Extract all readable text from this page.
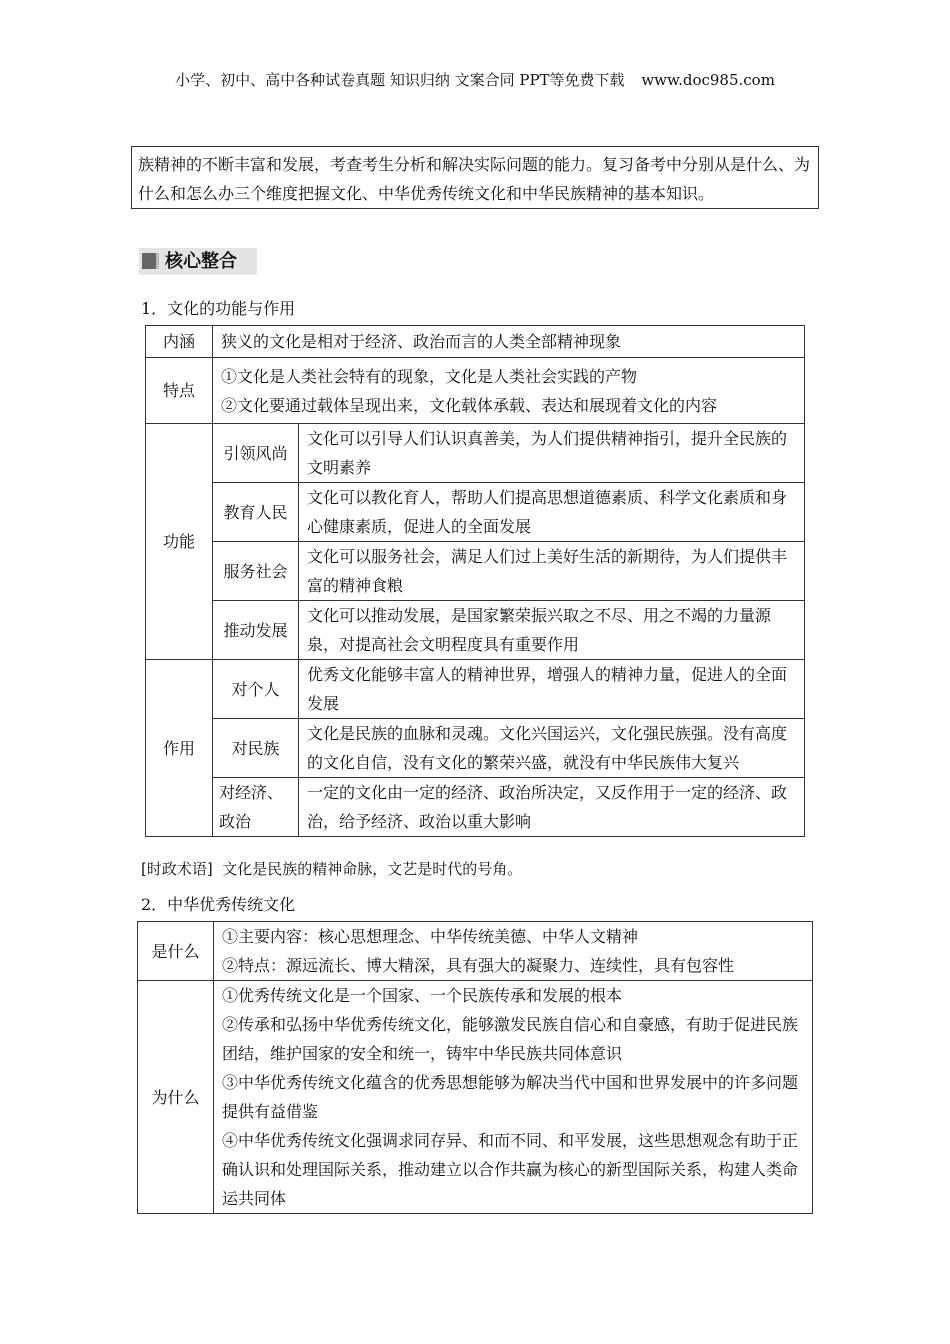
小学、初中、高中各种试卷真题 知识归纳 文案合同 PPT等免费下载 www.doc985.com
族精神的不断丰富和发展，考查考生分析和解决实际问题的能力。复习备考中分别从是什么、为什么和怎么办三个维度把握文化、中华优秀传统文化和中华民族精神的基本知识。
核心整合
1．文化的功能与作用
内涵	狭义的文化是相对于经济、政治而言的人类全部精神现象	
特点	①文化是人类社会特有的现象，文化是人类社会实践的产物
②文化要通过载体呈现出来，文化载体承载、表达和展现着文化的内容	

功能	引领风尚	文化可以引导人们认识真善美，为人们提供精神指引，提升全民族的文明素养
	教育人民	文化可以教化育人，帮助人们提高思想道德素质、科学文化素质和身心健康素质，促进人的全面发展
	服务社会	文化可以服务社会，满足人们过上美好生活的新期待，为人们提供丰富的精神食粮
	推动发展	文化可以推动发展，是国家繁荣振兴取之不尽、用之不竭的力量源泉，对提高社会文明程度具有重要作用
作用	对个人	优秀文化能够丰富人的精神世界，增强人的精神力量，促进人的全面发展
	对民族	文化是民族的血脉和灵魂。文化兴国运兴，文化强民族强。没有高度的文化自信，没有文化的繁荣兴盛，就没有中华民族伟大复兴
	对经济、政治	一定的文化由一定的经济、政治所决定，又反作用于一定的经济、政治，给予经济、政治以重大影响
[时政术语] 文化是民族的精神命脉，文艺是时代的号角。
2．中华优秀传统文化
是什么	①主要内容：核心思想理念、中华传统美德、中华人文精神
②特点：源远流长、博大精深，具有强大的凝聚力、连续性，具有包容性

为什么	①优秀传统文化是一个国家、一个民族传承和发展的根本
②传承和弘扬中华优秀传统文化，能够激发民族自信心和自豪感，有助于促进民族团结，维护国家的安全和统一，铸牢中华民族共同体意识
③中华优秀传统文化蕴含的优秀思想能够为解决当代中国和世界发展中的许多问题提供有益借鉴
④中华优秀传统文化强调求同存异、和而不同、和平发展，这些思想观念有助于正确认识和处理国际关系，推动建立以合作共赢为核心的新型国际关系，构建人类命运共同体
